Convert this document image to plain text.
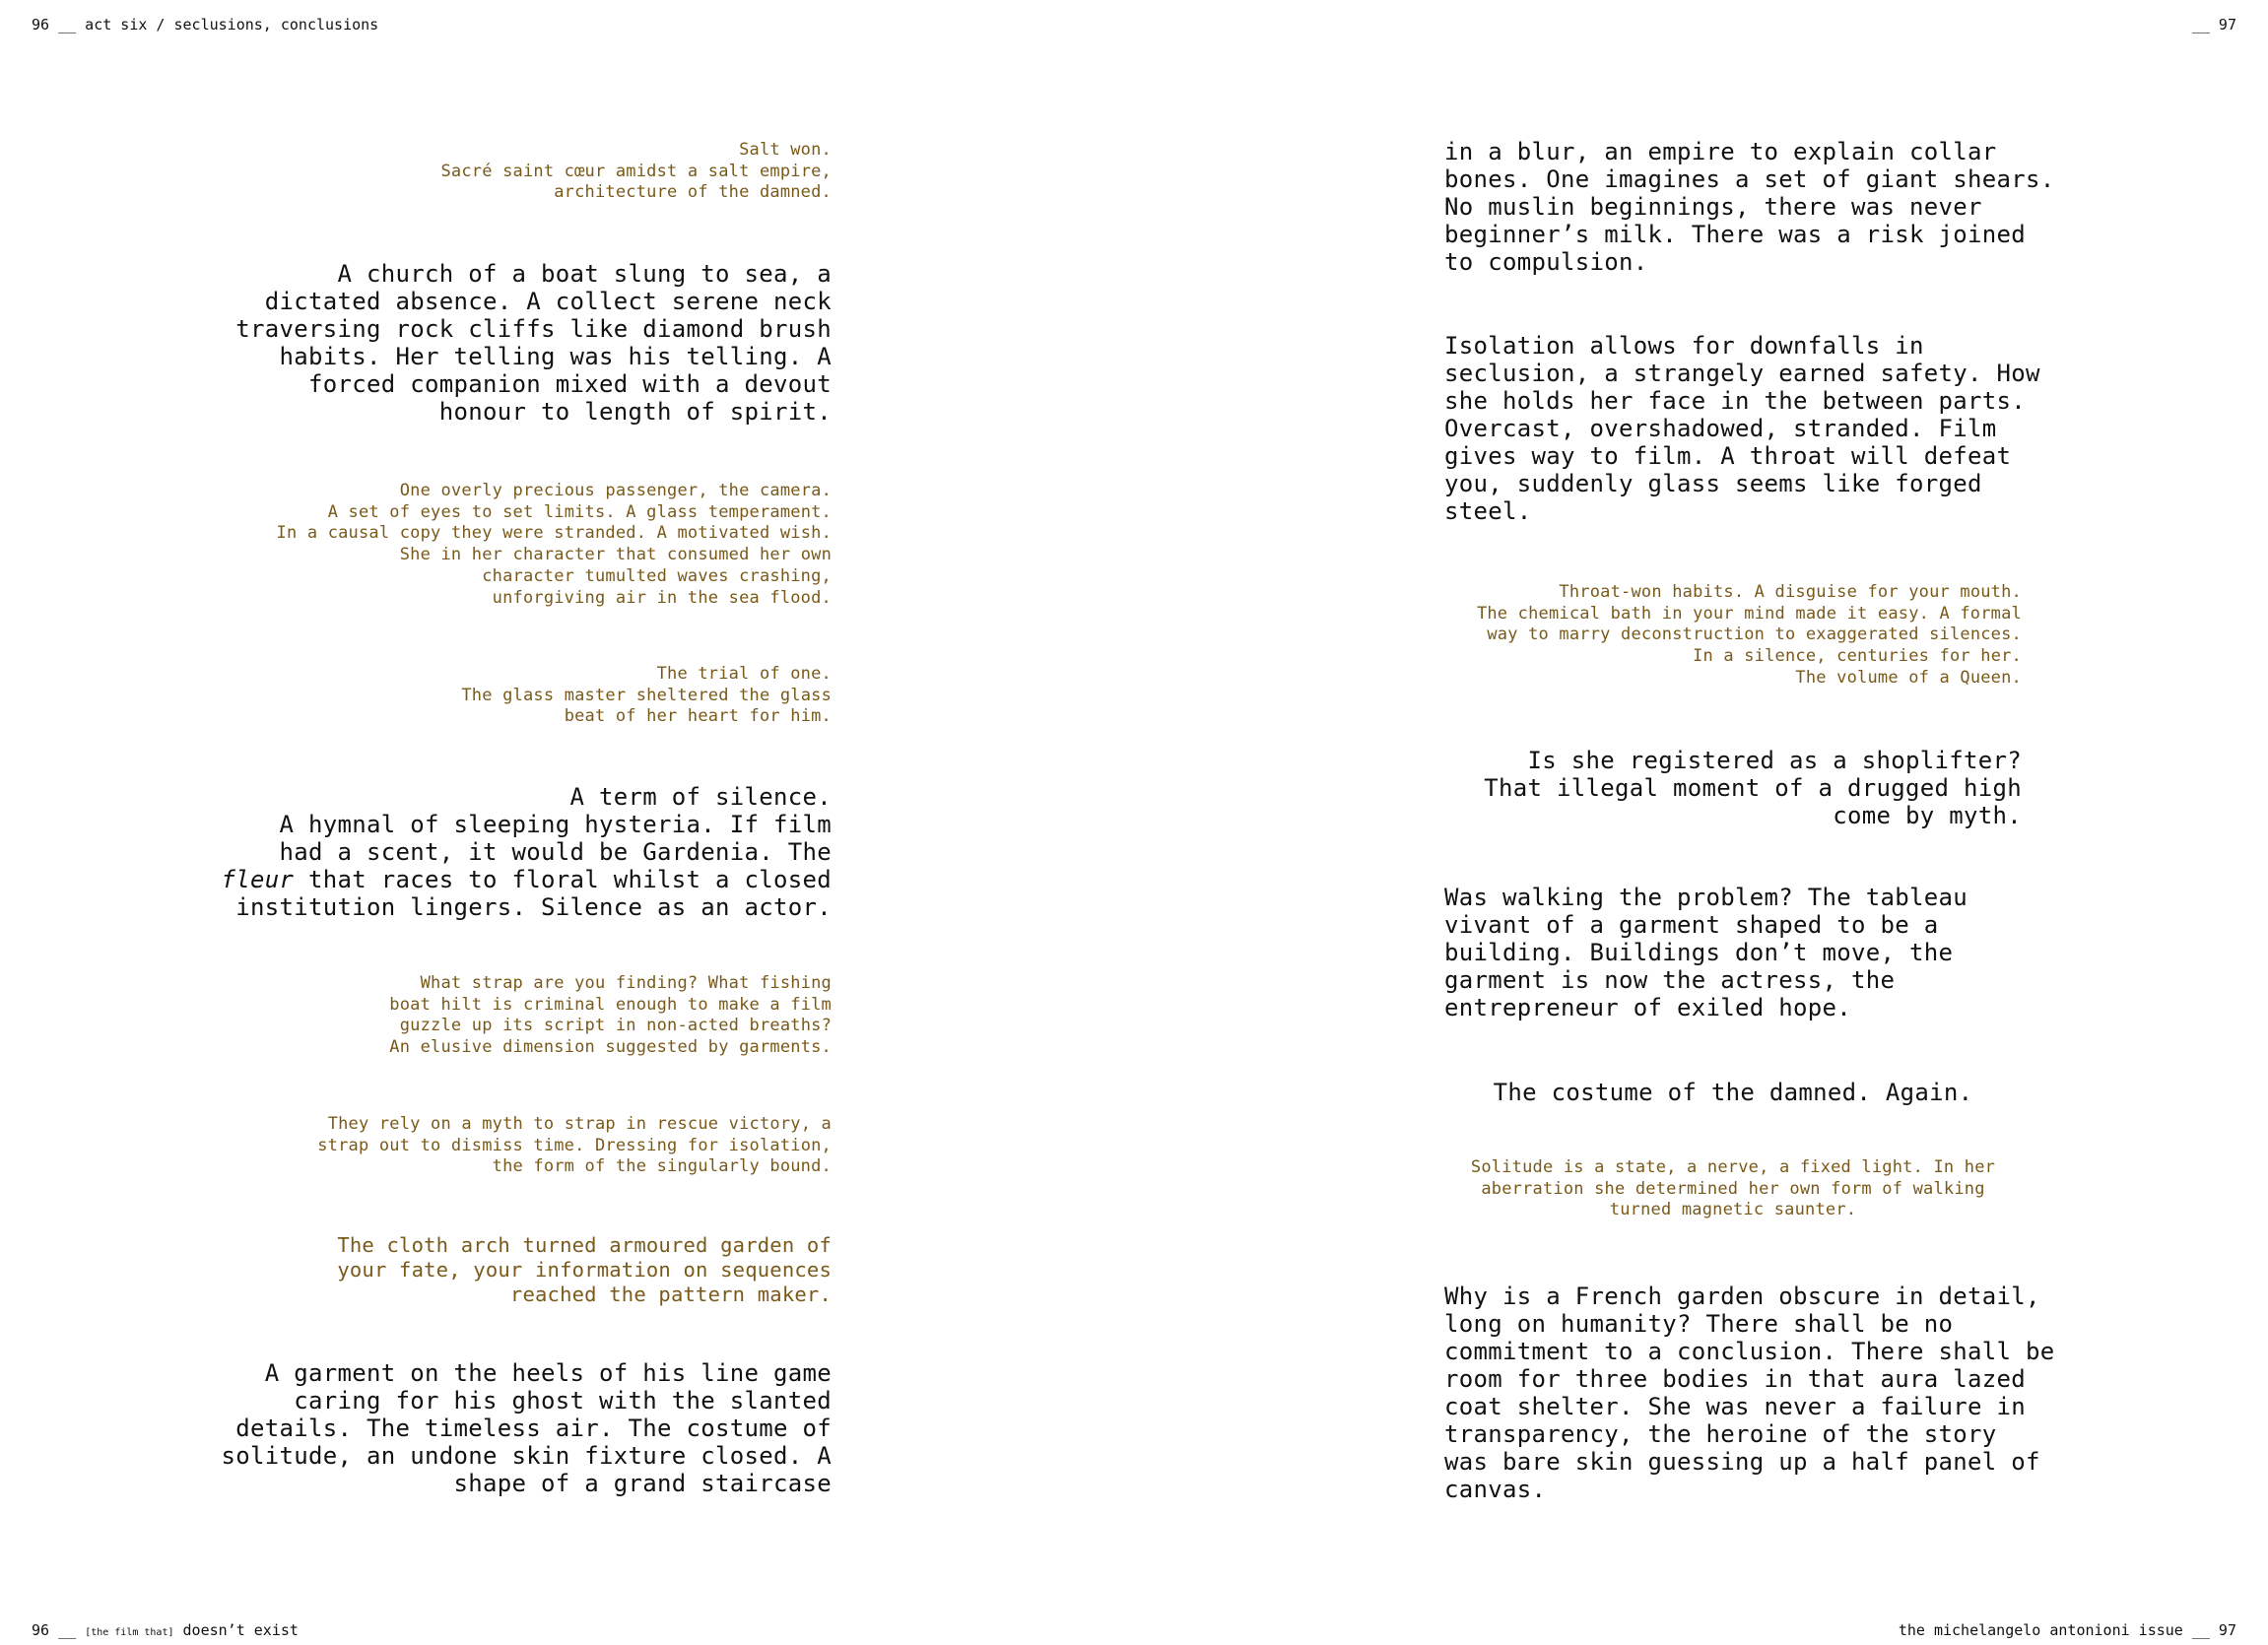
96 __ act six / seclusions, conclusions	__ 97
Salt won.
Sacré saint cœur amidst a salt empire,
architecture of the damned.
A church of a boat slung to sea, a
dictated absence. A collect serene neck
traversing rock cliffs like diamond brush
habits. Her telling was his telling. A
forced companion mixed with a devout
honour to length of spirit.
One overly precious passenger, the camera.
A set of eyes to set limits. A glass temperament.
In a causal copy they were stranded. A motivated wish.
She in her character that consumed her own
character tumulted waves crashing,
unforgiving air in the sea flood.
The trial of one.
The glass master sheltered the glass
beat of her heart for him.
A term of silence.
A hymnal of sleeping hysteria. If film
had a scent, it would be Gardenia. The
fleur that races to floral whilst a closed
institution lingers. Silence as an actor.
What strap are you finding? What fishing
boat hilt is criminal enough to make a film
guzzle up its script in non-acted breaths?
An elusive dimension suggested by garments.
They rely on a myth to strap in rescue victory, a
strap out to dismiss time. Dressing for isolation,
the form of the singularly bound.
The cloth arch turned armoured garden of
your fate, your information on sequences
reached the pattern maker.
A garment on the heels of his line game
caring for his ghost with the slanted
details. The timeless air. The costume of
solitude, an undone skin fixture closed. A
shape of a grand staircase
in a blur, an empire to explain collar
bones. One imagines a set of giant shears.
No muslin beginnings, there was never
beginner’s milk. There was a risk joined
to compulsion.
Isolation allows for downfalls in
seclusion, a strangely earned safety. How
she holds her face in the between parts.
Overcast, overshadowed, stranded. Film
gives way to film. A throat will defeat
you, suddenly glass seems like forged
steel.
Throat-won habits. A disguise for your mouth.
The chemical bath in your mind made it easy. A formal
way to marry deconstruction to exaggerated silences.
In a silence, centuries for her.
The volume of a Queen.
Is she registered as a shoplifter?
That illegal moment of a drugged high
come by myth.
Was walking the problem? The tableau
vivant of a garment shaped to be a
building. Buildings don’t move, the
garment is now the actress, the
entrepreneur of exiled hope.
The costume of the damned. Again.
Solitude is a state, a nerve, a fixed light. In her
aberration she determined her own form of walking
turned magnetic saunter.
Why is a French garden obscure in detail,
long on humanity? There shall be no
commitment to a conclusion. There shall be
room for three bodies in that aura lazed
coat shelter. She was never a failure in
transparency, the heroine of the story
was bare skin guessing up a half panel of
canvas.
96 __ [the film that] doesn’t exist	the michelangelo antonioni issue __ 97
